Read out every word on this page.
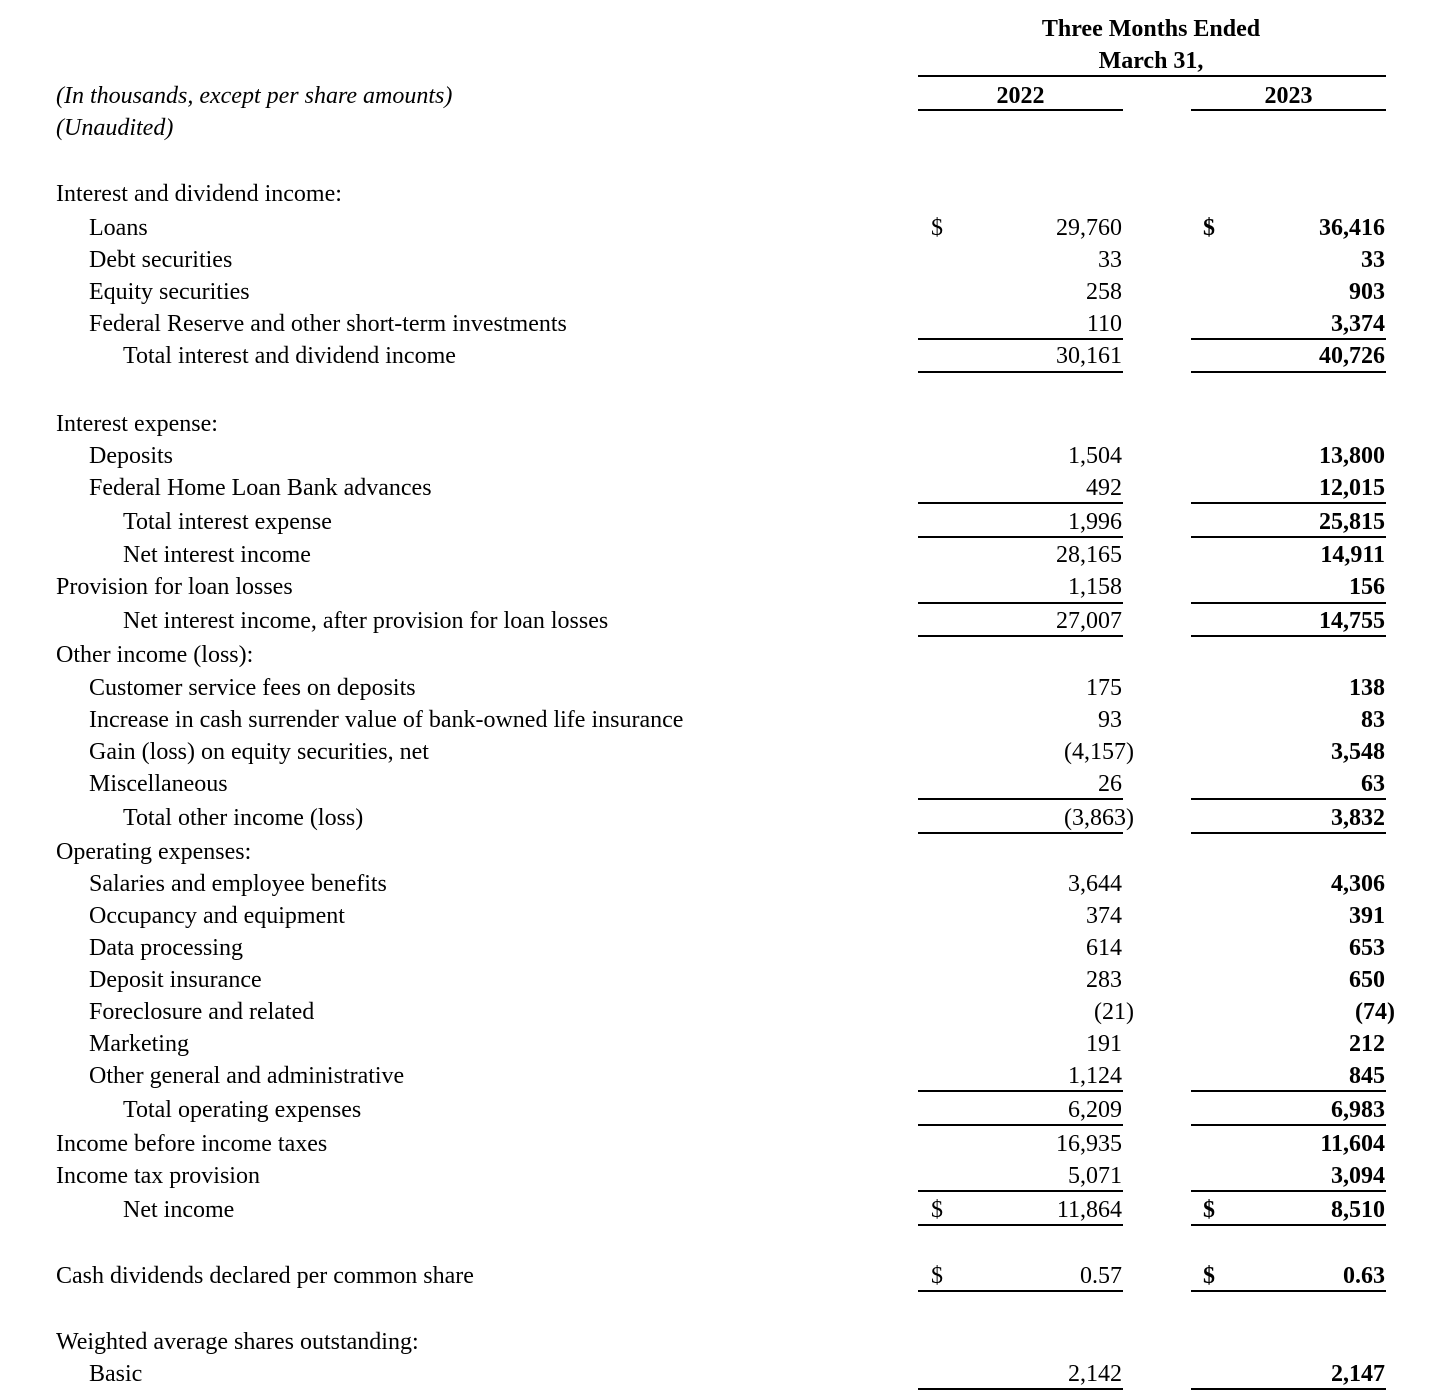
Three Months Ended
March 31,
2022	2023
(In thousands, except per share amounts)
(Unaudited)
Interest and dividend income:
Loans	$	29,760	$	36,416
Debt securities	33	33
Equity securities	258	903
Federal Reserve and other short-term investments	110	3,374
Total interest and dividend income	30,161	40,726
Interest expense:
Deposits	1,504	13,800
Federal Home Loan Bank advances	492	12,015
Total interest expense	1,996	25,815
Net interest income	28,165	14,911
Provision for loan losses	1,158	156
Net interest income, after provision for loan losses	27,007	14,755
Other income (loss):
Customer service fees on deposits	175	138
Increase in cash surrender value of bank-owned life insurance	93	83
Gain (loss) on equity securities, net	(4,157)	3,548
Miscellaneous	26	63
Total other income (loss)	(3,863)	3,832
Operating expenses:
Salaries and employee benefits	3,644	4,306
Occupancy and equipment	374	391
Data processing	614	653
Deposit insurance	283	650
Foreclosure and related	(21)	(74)
Marketing	191	212
Other general and administrative	1,124	845
Total operating expenses	6,209	6,983
Income before income taxes	16,935	11,604
Income tax provision	5,071	3,094
Net income	$	11,864	$	8,510
Cash dividends declared per common share	$	0.57	$	0.63
Weighted average shares outstanding:
Basic	2,142	2,147
